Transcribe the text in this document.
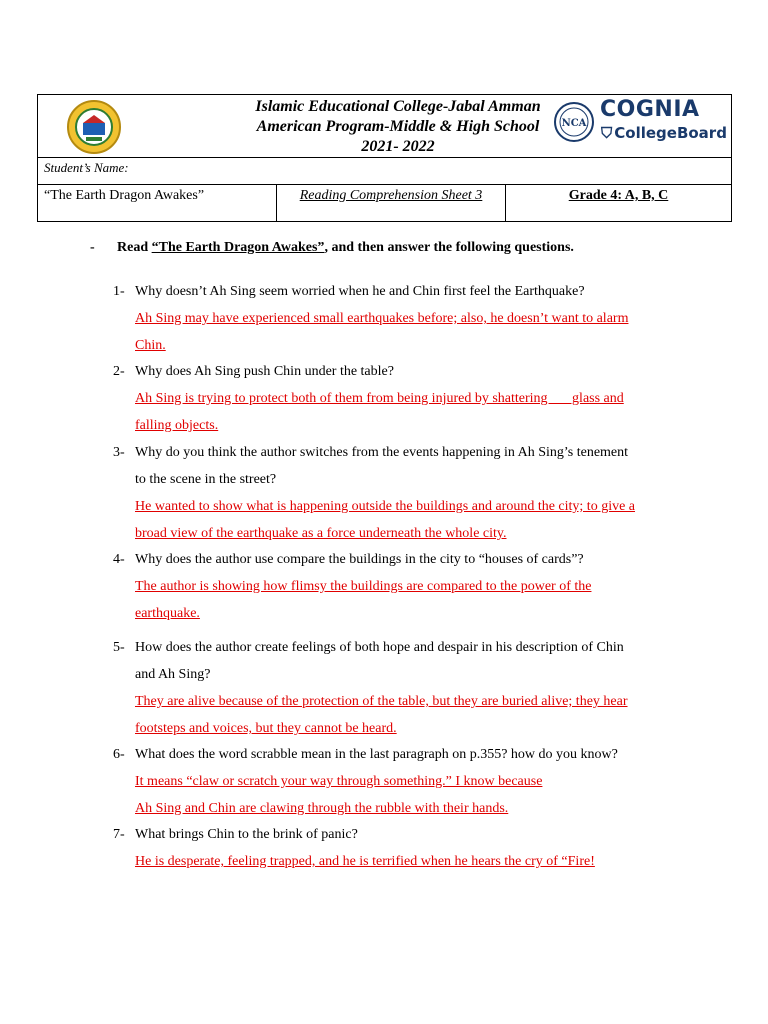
Islamic Educational College-Jabal Amman
American Program-Middle & High School
2021- 2022
NCA
COGNIA
⛉ CollegeBoard

Student’s Name:
“The Earth Dragon Awakes”	Reading Comprehension Sheet 3	Grade 4: A, B, C
- Read “The Earth Dragon Awakes”, and then answer the following questions.
1- Why doesn’t Ah Sing seem worried when he and Chin first feel the Earthquake?
Ah Sing may have experienced small earthquakes before; also, he doesn’t want to alarm
Chin.
2- Why does Ah Sing push Chin under the table?
Ah Sing is trying to protect both of them from being injured by shattering       glass and
falling objects.
3- Why do you think the author switches from the events happening in Ah Sing’s tenement
to the scene in the street?
He wanted to show what is happening outside the buildings and around the city; to give a
broad view of the earthquake as a force underneath the whole city.
4- Why does the author use compare the buildings in the city to “houses of cards”?
The author is showing how flimsy the buildings are compared to the power of the
earthquake.
5- How does the author create feelings of both hope and despair in his description of Chin
and Ah Sing?
They are alive because of the protection of the table, but they are buried alive; they hear
footsteps and voices, but they cannot be heard.
6- What does the word scrabble mean in the last paragraph on p.355? how do you know?
It means “claw or scratch your way through something.” I know because
Ah Sing and Chin are clawing through the rubble with their hands.
7- What brings Chin to the brink of panic?
He is desperate, feeling trapped, and he is terrified when he hears the cry of “Fire!
